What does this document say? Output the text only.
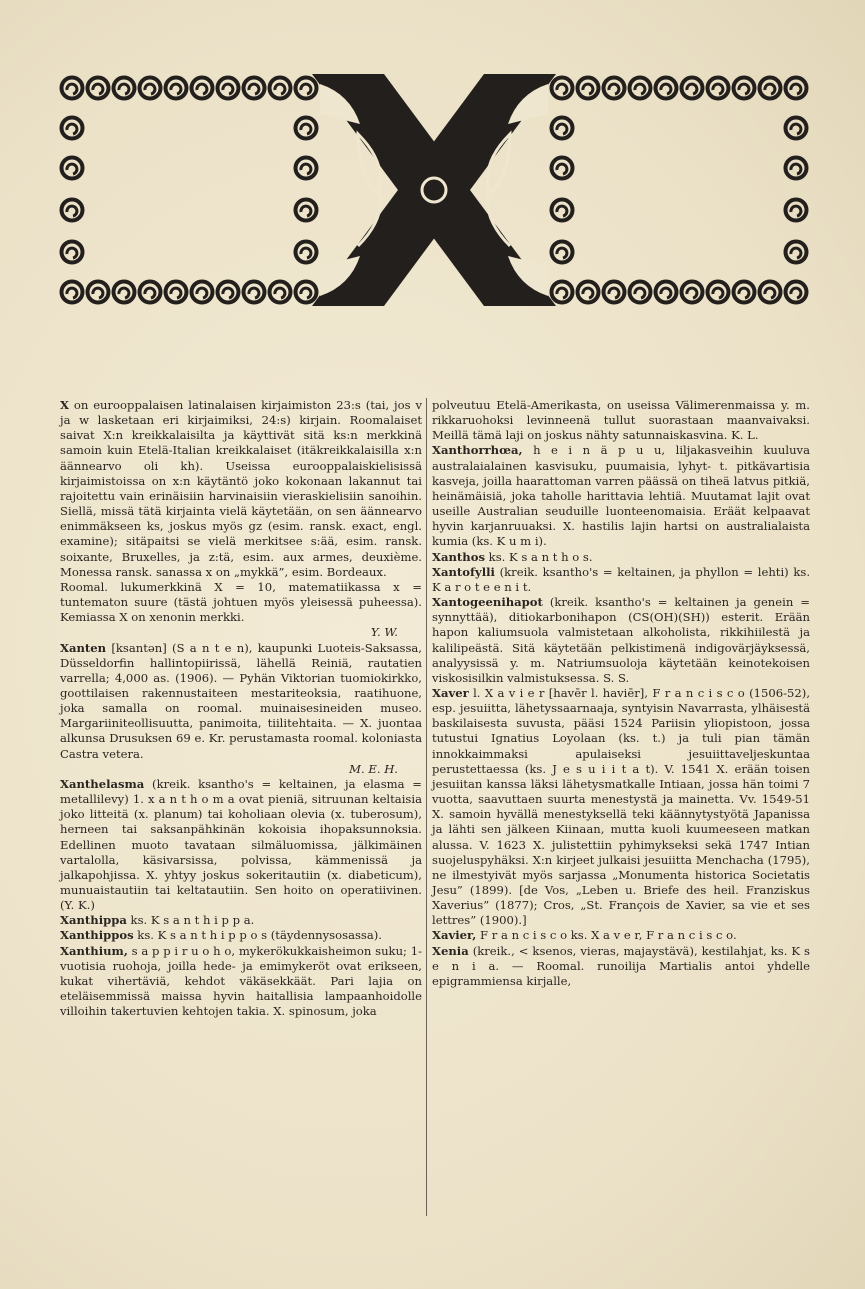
X on eurooppalaisen latinalaisen kirjaimiston 23:s (tai, jos v ja w lasketaan eri kirjaimiksi, 24:s) kirjain. Roomalaiset saivat X:n kreikkalaisilta ja käyttivät sitä ks:n merkkinä samoin kuin Etelä-Italian kreikkalaiset (itäkreikkalaisilla x:n äännearvo oli kh). Useissa eurooppalaiskielisissä kirjaimistoissa on x:n käytäntö joko kokonaan lakannut tai rajoitettu vain erinäisiin harvinaisiin vieraskielisiin sanoihin. Siellä, missä tätä kirjainta vielä käytetään, on sen äännearvo enimmäkseen ks, joskus myös gz (esim. ransk. exact, engl. examine); sitäpaitsi se vielä merkitsee s:ää, esim. ransk. soixante, Bruxelles, ja z:tä, esim. aux armes, deuxième. Monessa ransk. sanassa x on „mykkä”, esim. Bordeaux.

Roomal. lukumerkkinä X = 10, matematiikassa x = tuntematon suure (tästä johtuen myös yleisessä puheessa). Kemiassa X on xenonin merkki.

Y. W.

Xanten [ksantən] (S a n t e n), kaupunki Luoteis-Saksassa, Düsseldorfin hallintopiirissä, lähellä Reiniä, rautatien varrella; 4,000 as. (1906). — Pyhän Viktorian tuomiokirkko, goottilaisen rakennustaiteen mestariteoksia, raatihuone, joka samalla on roomal. muinaisesineiden museo. Margariiniteollisuutta, panimoita, tiilitehtaita. — X. juontaa alkunsa Drusuksen 69 e. Kr. perustamasta roomal. koloniasta Castra vetera.

M. E. H.

Xanthelasma (kreik. ksantho's = keltainen, ja elasma = metallilevy) 1. x a n t h o m a ovat pieniä, sitruunan keltaisia joko litteitä (x. planum) tai koholiaan olevia (x. tuberosum), herneen tai saksanpähkinän kokoisia ihopaksunnoksia. Edellinen muoto tavataan silmäluomissa, jälkimäinen vartalolla, käsivarsissa, polvissa, kämmenissä ja jalkapohjissa. X. yhtyy joskus sokeritautiin (x. diabeticum), munuaistautiin tai keltatautiin. Sen hoito on operatiivinen. (Y. K.)

Xanthippa ks. K s a n t h i p p a.

Xanthippos ks. K s a n t h i p p o s (täydennysosassa).

Xanthium, s a p p i r u o h o, mykerökukkaisheimon suku; 1-vuotisia ruohoja, joilla hede- ja emimykeröt ovat erikseen, kukat vihertäviä, kehdot väkäsekkäät. Pari lajia on eteläisemmissä maissa hyvin haitallisia lampaanhoidolle villoihin takertuvien kehtojen takia. X. spinosum, joka

polveutuu Etelä-Amerikasta, on useissa Välimerenmaissa y. m. rikkaruohoksi levinneenä tullut suorastaan maanvaivaksi. Meillä tämä laji on joskus nähty satunnaiskasvina. K. L.

Xanthorrhœa, h e i n ä p u u, liljakasveihin kuuluva australaialainen kasvisuku, puumaisia, lyhyt- t. pitkävartisia kasveja, joilla haarattoman varren päässä on tiheä latvus pitkiä, heinämäisiä, joka taholle harittavia lehtiä. Muutamat lajit ovat useille Australian seuduille luonteenomaisia. Eräät kelpaavat hyvin karjanruuaksi. X. hastilis lajin hartsi on australialaista kumia (ks. K u m i).

Xanthos ks. K s a n t h o s.

Xantofylli (kreik. ksantho's = keltainen, ja phyllon = lehti) ks. K a r o t e e n i t.

Xantogeenihapot (kreik. ksantho's = keltainen ja genein = synnyttää), ditiokarbonihapon (CS(OH)(SH)) esterit. Erään hapon kaliumsuola valmistetaan alkoholista, rikkihiilestä ja kalilipeästä. Sitä käytetään pelkistimenä indigovärjäyksessä, analyysissä y. m. Natriumsuoloja käytetään keinotekoisen viskosisilkin valmistuksessa. S. S.

Xaver l. X a v i e r [havēr l. haviēr], F r a n c i s c o (1506-52), esp. jesuiitta, lähetyssaarnaaja, syntyisin Navarrasta, ylhäisestä baskilaisesta suvusta, pääsi 1524 Pariisin yliopistoon, jossa tutustui Ignatius Loyolaan (ks. t.) ja tuli pian tämän innokkaimmaksi apulaiseksi jesuiittaveljeskuntaa perustettaessa (ks. J e s u i i t a t). V. 1541 X. erään toisen jesuiitan kanssa läksi lähetysmatkalle Intiaan, jossa hän toimi 7 vuotta, saavuttaen suurta menestystä ja mainetta. Vv. 1549-51 X. samoin hyvällä menestyksellä teki käännytystyötä Japanissa ja lähti sen jälkeen Kiinaan, mutta kuoli kuumeeseen matkan alussa. V. 1623 X. julistettiin pyhimykseksi sekä 1747 Intian suojeluspyhäksi. X:n kirjeet julkaisi jesuiitta Menchacha (1795), ne ilmestyivät myös sarjassa „Monumenta historica Societatis Jesu” (1899). [de Vos, „Leben u. Briefe des heil. Franziskus Xaverius” (1877); Cros, „St. François de Xavier, sa vie et ses lettres” (1900).]

Xavier, F r a n c i s c o ks. X a v e r, F r a n c i s c o.

Xenia (kreik., < ksenos, vieras, majaystävä), kestilahjat, ks. K s e n i a. — Roomal. runoilija Martialis antoi yhdelle epigrammiensa kirjalle,
